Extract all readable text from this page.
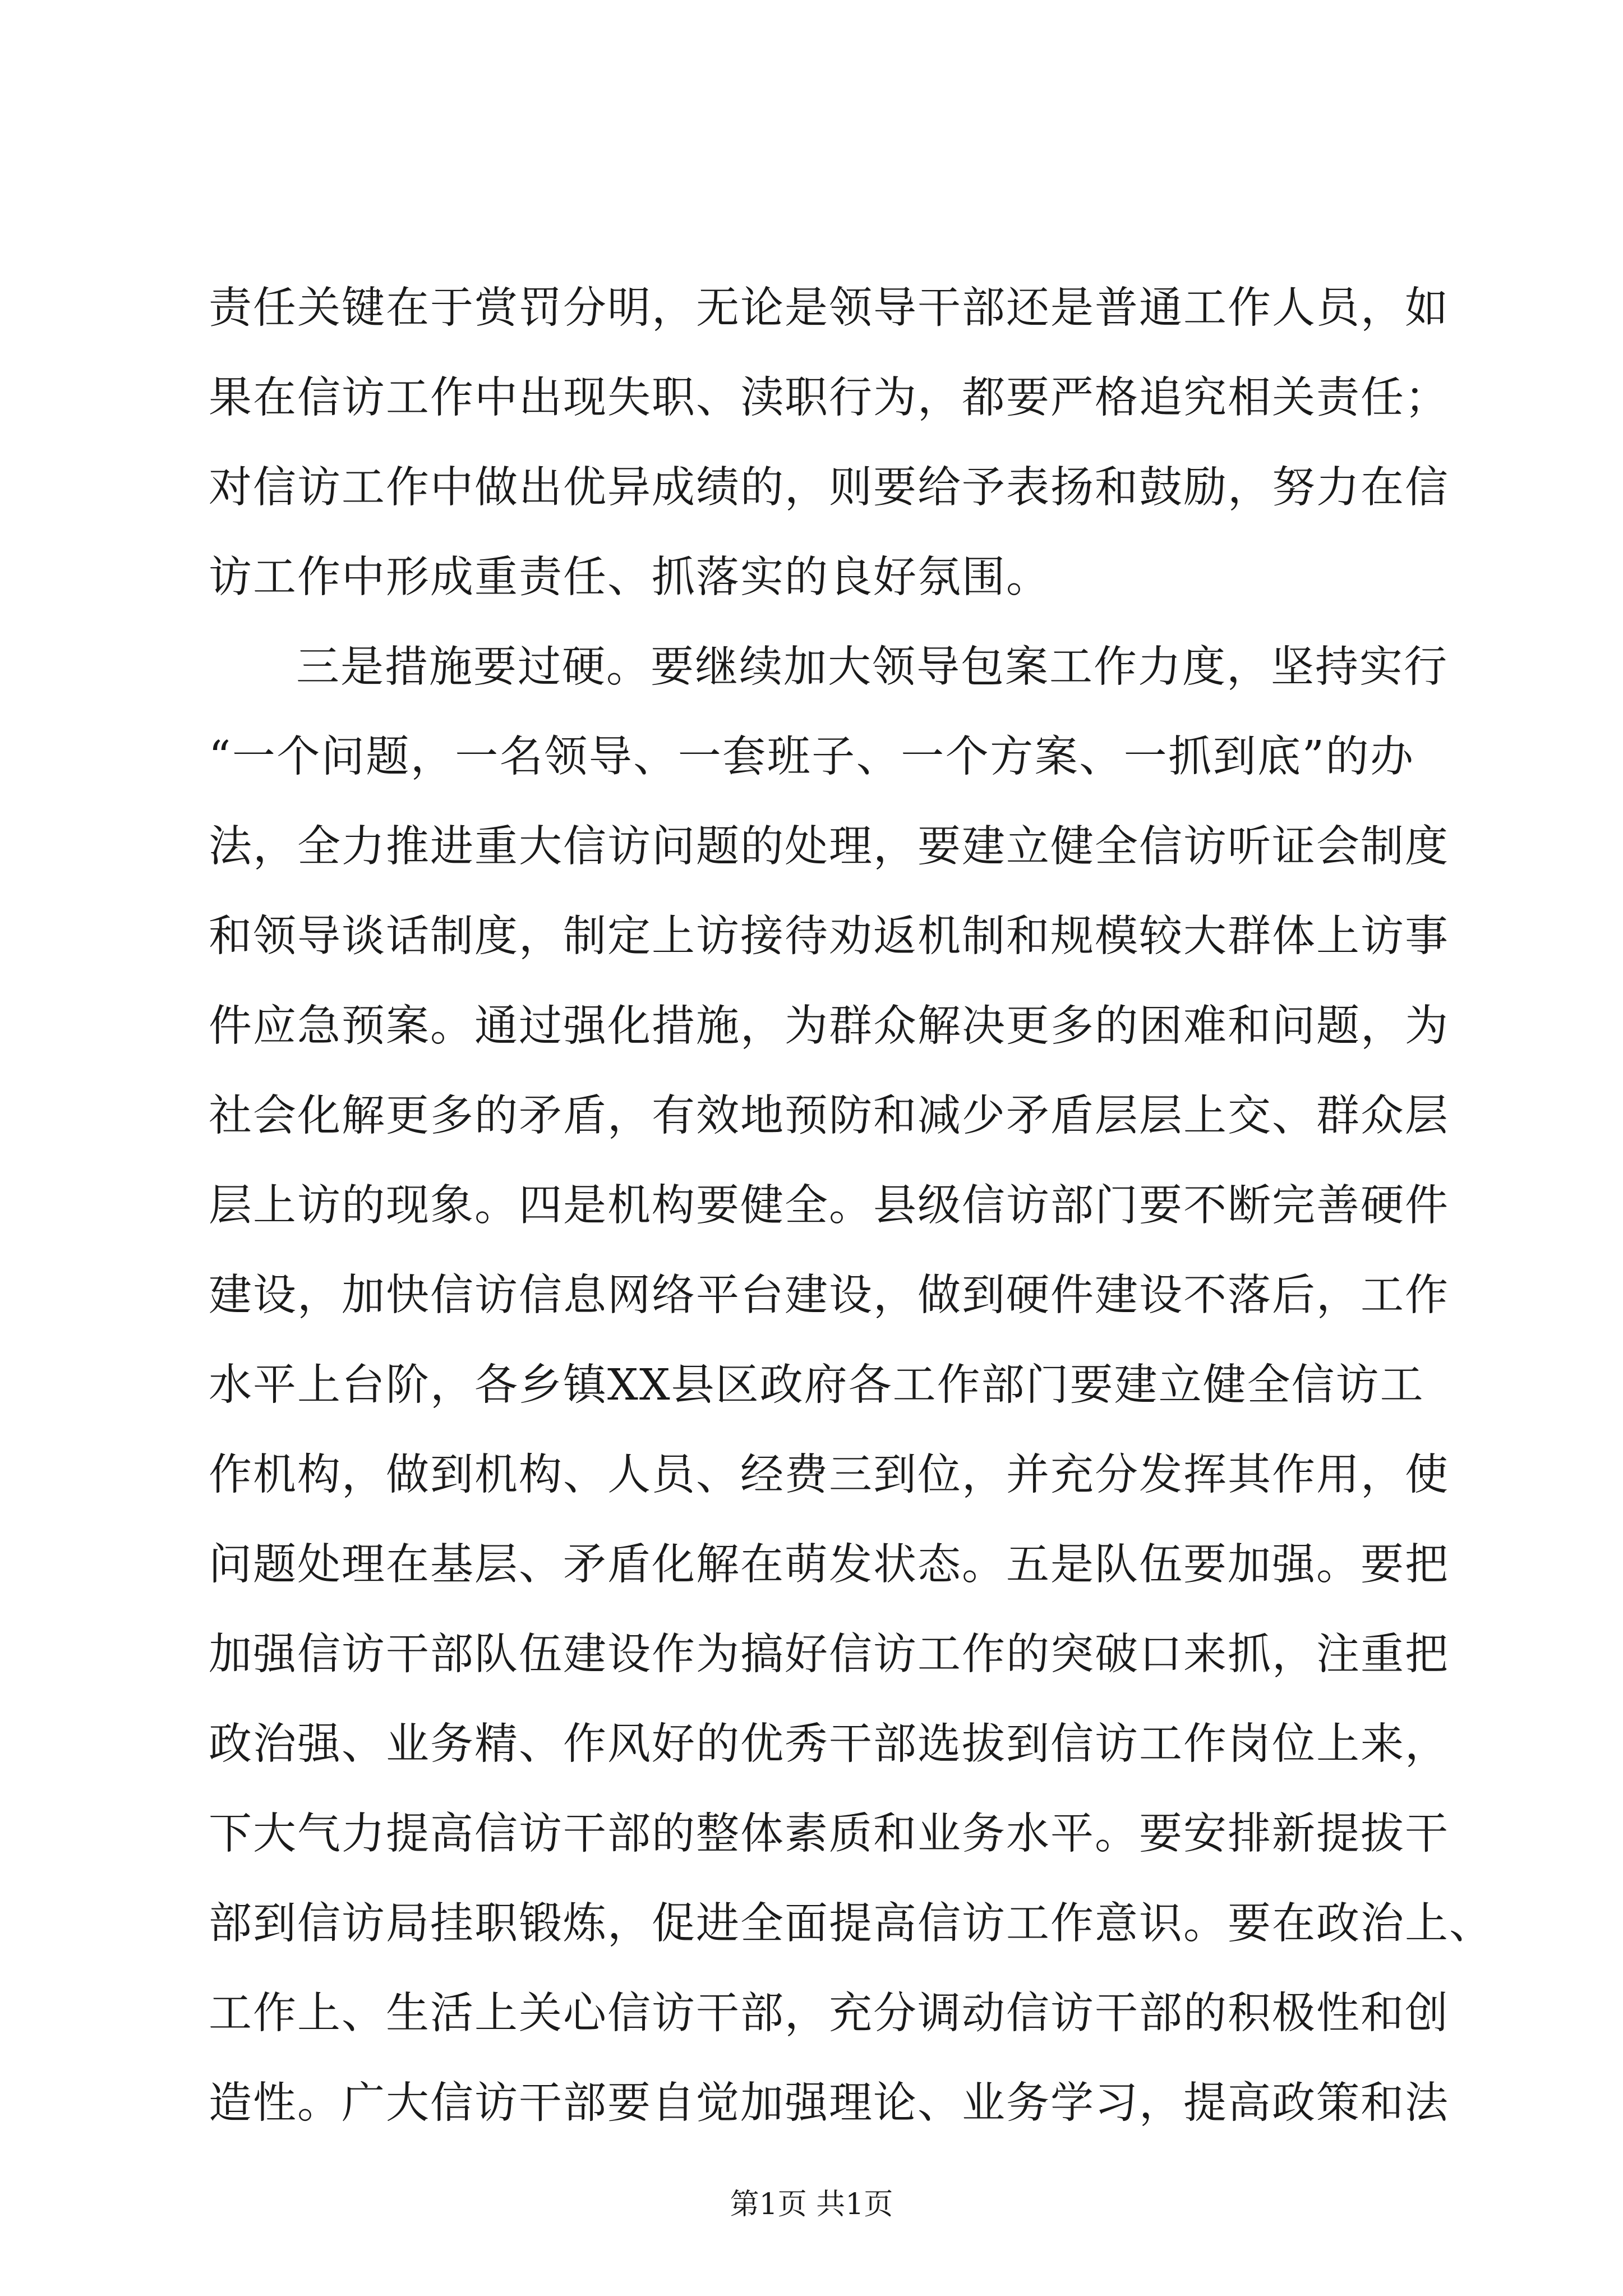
责任关键在于赏罚分明，无论是领导干部还是普通工作人员，如
果在信访工作中出现失职、渎职行为，都要严格追究相关责任；
对信访工作中做出优异成绩的，则要给予表扬和鼓励，努力在信
访工作中形成重责任、抓落实的良好氛围。
三是措施要过硬。要继续加大领导包案工作力度，坚持实行
“一个问题，一名领导、一套班子、一个方案、一抓到底”的办
法，全力推进重大信访问题的处理，要建立健全信访听证会制度
和领导谈话制度，制定上访接待劝返机制和规模较大群体上访事
件应急预案。通过强化措施，为群众解决更多的困难和问题，为
社会化解更多的矛盾，有效地预防和减少矛盾层层上交、群众层
层上访的现象。四是机构要健全。县级信访部门要不断完善硬件
建设，加快信访信息网络平台建设，做到硬件建设不落后，工作
水平上台阶，各乡镇XX县区政府各工作部门要建立健全信访工
作机构，做到机构、人员、经费三到位，并充分发挥其作用，使
问题处理在基层、矛盾化解在萌发状态。五是队伍要加强。要把
加强信访干部队伍建设作为搞好信访工作的突破口来抓，注重把
政治强、业务精、作风好的优秀干部选拔到信访工作岗位上来，
下大气力提高信访干部的整体素质和业务水平。要安排新提拔干
部到信访局挂职锻炼，促进全面提高信访工作意识。要在政治上、
工作上、生活上关心信访干部，充分调动信访干部的积极性和创
造性。广大信访干部要自觉加强理论、业务学习，提高政策和法
第1页 共1页
